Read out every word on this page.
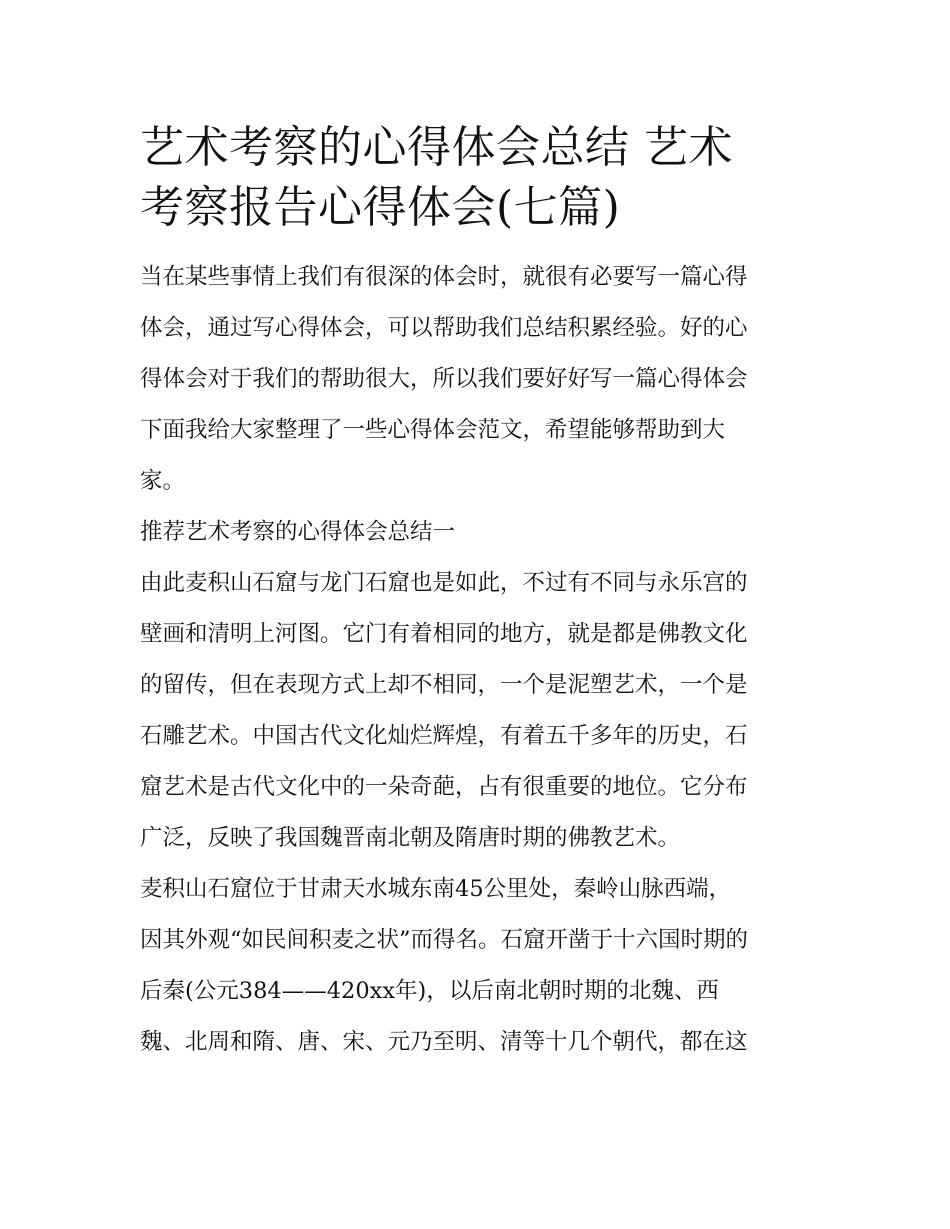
艺术考察的心得体会总结 艺术
考察报告心得体会(七篇)
当在某些事情上我们有很深的体会时，就很有必要写一篇心得
体会，通过写心得体会，可以帮助我们总结积累经验。好的心
得体会对于我们的帮助很大，所以我们要好好写一篇心得体会
下面我给大家整理了一些心得体会范文，希望能够帮助到大
家。
推荐艺术考察的心得体会总结一
由此麦积山石窟与龙门石窟也是如此，不过有不同与永乐宫的
壁画和清明上河图。它门有着相同的地方，就是都是佛教文化
的留传，但在表现方式上却不相同，一个是泥塑艺术，一个是
石雕艺术。中国古代文化灿烂辉煌，有着五千多年的历史，石
窟艺术是古代文化中的一朵奇葩，占有很重要的地位。它分布
广泛，反映了我国魏晋南北朝及隋唐时期的佛教艺术。
麦积山石窟位于甘肃天水城东南45公里处，秦岭山脉西端，
因其外观“如民间积麦之状”而得名。石窟开凿于十六国时期的
后秦(公元384——420xx年)，以后南北朝时期的北魏、西
魏、北周和隋、唐、宋、元乃至明、清等十几个朝代，都在这
